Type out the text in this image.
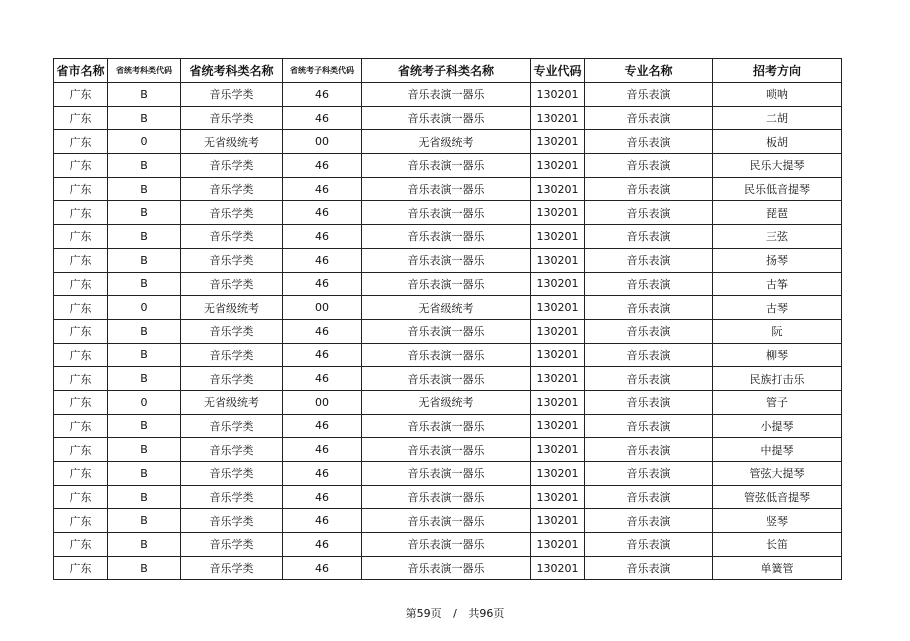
省市名称	省统考科类代码	省统考科类名称	省统考子科类代码	省统考子科类名称	专业代码	专业名称	招考方向
广东	B	音乐学类	46	音乐表演一器乐	130201	音乐表演	唢呐
广东	B	音乐学类	46	音乐表演一器乐	130201	音乐表演	二胡
广东	0	无省级统考	00	无省级统考	130201	音乐表演	板胡
广东	B	音乐学类	46	音乐表演一器乐	130201	音乐表演	民乐大提琴
广东	B	音乐学类	46	音乐表演一器乐	130201	音乐表演	民乐低音提琴
广东	B	音乐学类	46	音乐表演一器乐	130201	音乐表演	琵琶
广东	B	音乐学类	46	音乐表演一器乐	130201	音乐表演	三弦
广东	B	音乐学类	46	音乐表演一器乐	130201	音乐表演	扬琴
广东	B	音乐学类	46	音乐表演一器乐	130201	音乐表演	古筝
广东	0	无省级统考	00	无省级统考	130201	音乐表演	古琴
广东	B	音乐学类	46	音乐表演一器乐	130201	音乐表演	阮
广东	B	音乐学类	46	音乐表演一器乐	130201	音乐表演	柳琴
广东	B	音乐学类	46	音乐表演一器乐	130201	音乐表演	民族打击乐
广东	0	无省级统考	00	无省级统考	130201	音乐表演	管子
广东	B	音乐学类	46	音乐表演一器乐	130201	音乐表演	小提琴
广东	B	音乐学类	46	音乐表演一器乐	130201	音乐表演	中提琴
广东	B	音乐学类	46	音乐表演一器乐	130201	音乐表演	管弦大提琴
广东	B	音乐学类	46	音乐表演一器乐	130201	音乐表演	管弦低音提琴
广东	B	音乐学类	46	音乐表演一器乐	130201	音乐表演	竖琴
广东	B	音乐学类	46	音乐表演一器乐	130201	音乐表演	长笛
广东	B	音乐学类	46	音乐表演一器乐	130201	音乐表演	单簧管
第59页 / 共96页
